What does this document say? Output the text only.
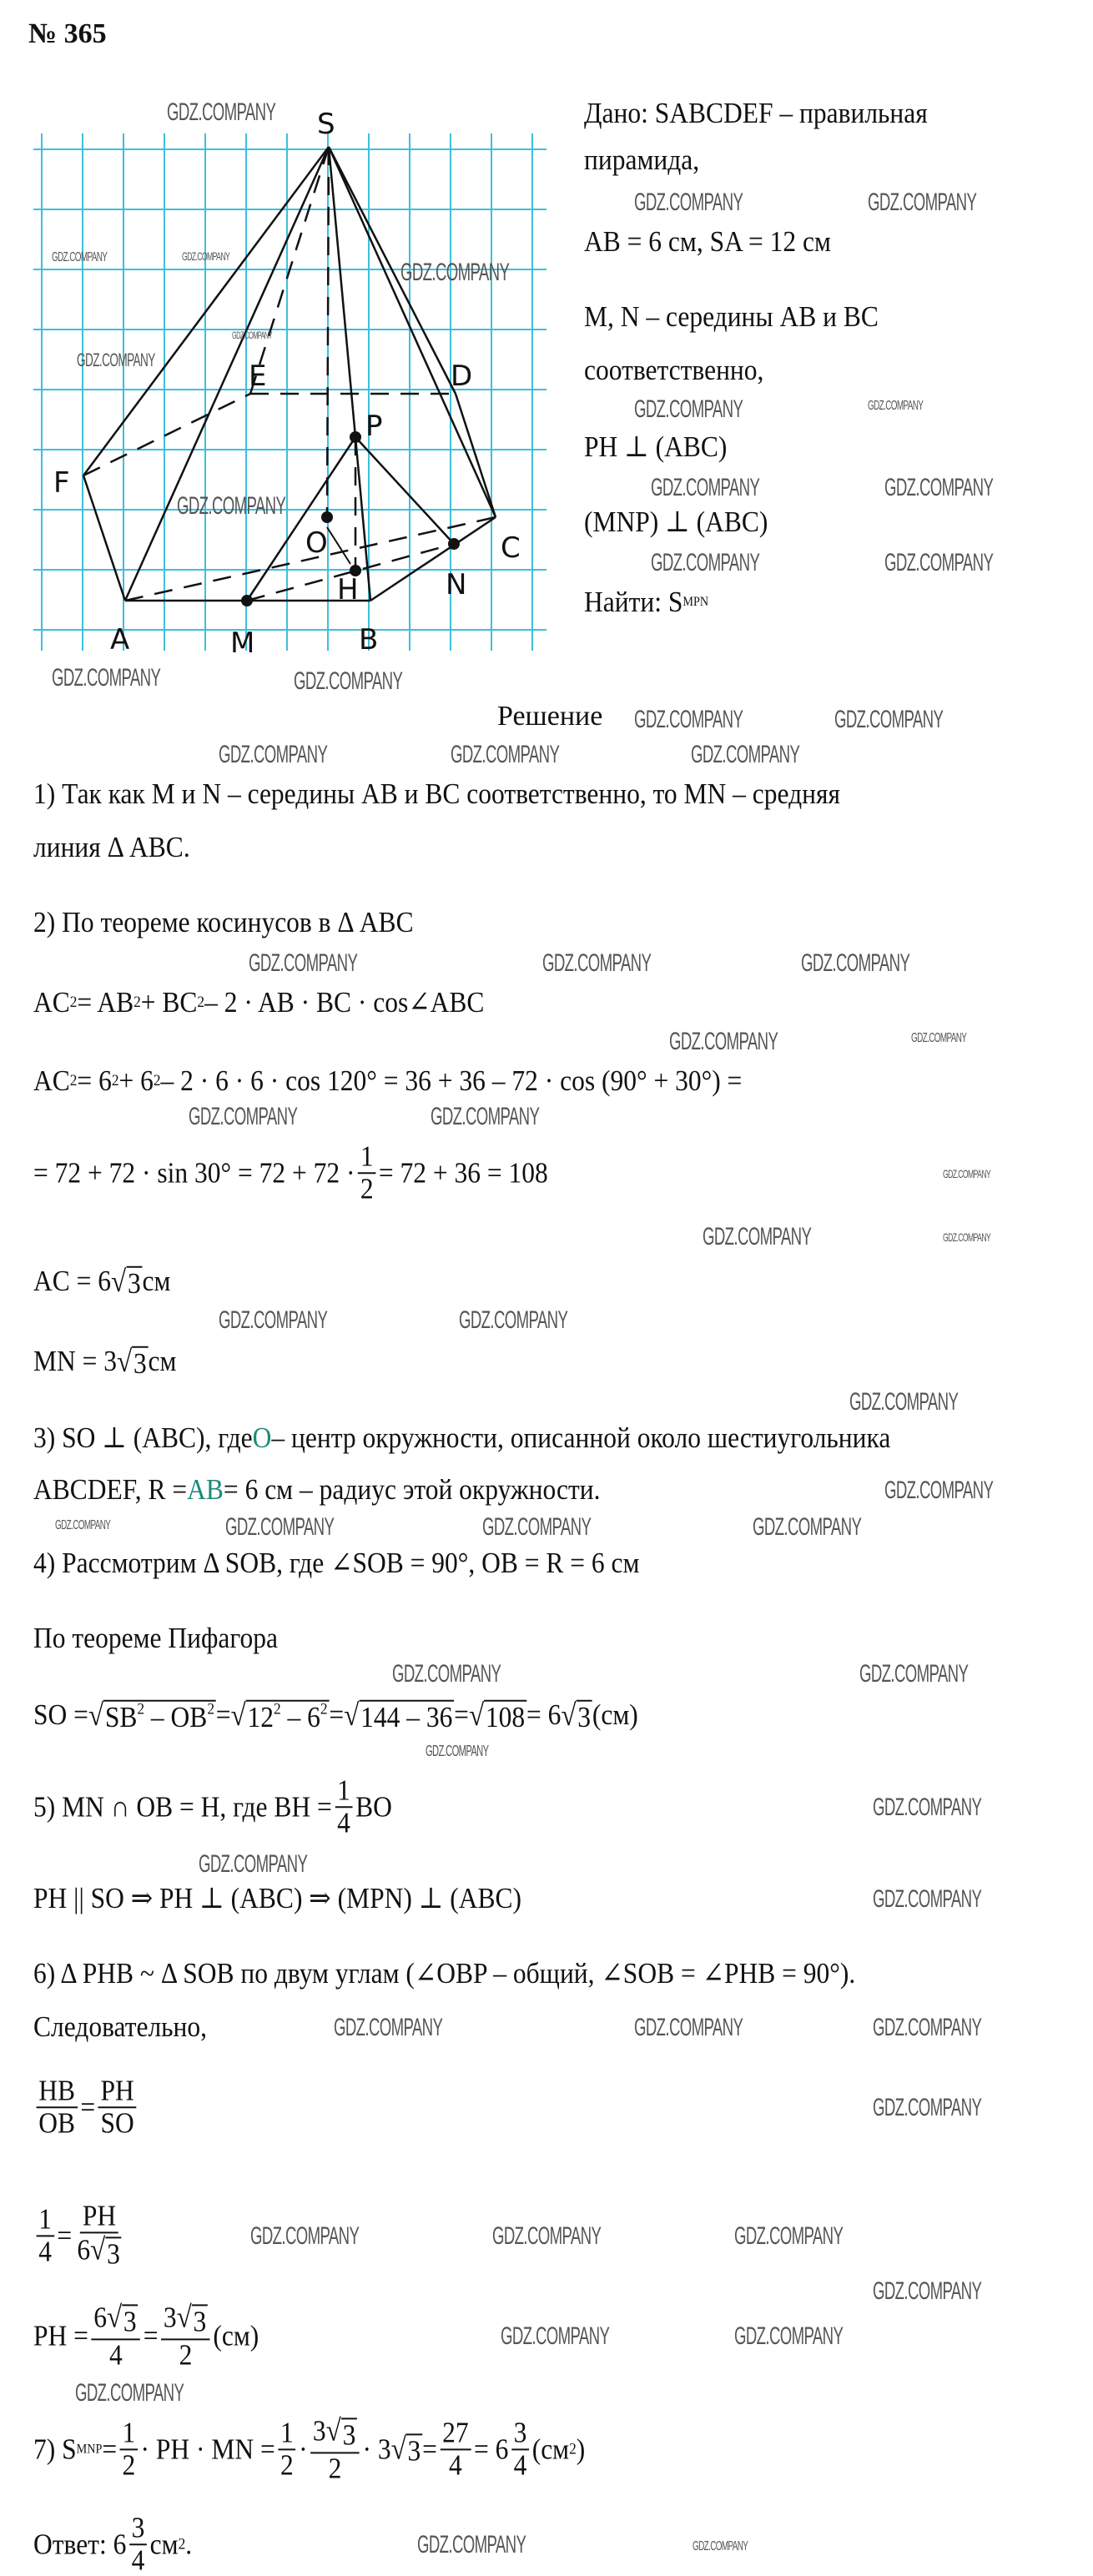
№ 365
S
A	B
C
D
E
F
M
N
P
O
H
Дано: SABCDEF – правильная
пирамида,
AB = 6 см, SA = 12 см
M, N – середины AB и BC
соответственно,
PH ⊥ (ABC)
(MNP) ⊥ (ABC)
Найти: S MPN
Решение
1) Так как M и N – середины AB и BC соответственно, то MN – средняя
линия Δ ABC.
2) По теореме косинусов в Δ ABC
AC 2 = AB 2 + BC 2 – 2 · AB · BC · cos∠ABC
AC 2 = 6 2 + 6 2 – 2 · 6 · 6 · cos 120° = 36 + 36 – 72 · cos (90° + 30°) =
= $72 + 72 \cdot \sin 30^\circ = 72 + 72 \cdot \frac{1}{2} = 72 + 36 = 108$
AC = 6 √ 3 см
MN = 3 √ 3 см
3) SO ⊥ (ABC), где O – центр окружности, описанной около шестиугольника
ABCDEF, R = AB = 6 см – радиус этой окружности.
4) Рассмотрим Δ SOB, где ∠SOB = 90°, OB = R = 6 см
По теореме Пифагора
SO = √ $SB^2 - OB^2$ = √ $12^2 - 6^2$ = √ 144 – 36 = √ 108 = 6 √ 3 (см)
5) MN ∩ OB = H, где BH = $\frac{1}{4}$ BO
PH || SO ⇒ PH ⊥ (ABC) ⇒ (MPN) ⊥ (ABC)
6) Δ PHB ~ Δ SOB по двум углам (∠OBP – общий, ∠SOB = ∠PHB = 90°).
Следовательно,
$\frac{HB}{OB} = \frac{PH}{SO}$
$\frac{1}{4} = \frac{PH}{6 √ 3}$
PH = $\frac{6 √ 3}{4} = \frac{3 √ 3}{2} (см)$
7) S MNP = $\frac{1}{2}$ · PH · MN = $\frac{1}{2} \cdot \frac{3 √ 3}{2} \cdot 3$ √ $3 = \frac{27}{4} = 6 \frac{3}{4} (см$ 2 )
Ответ: $6 \frac{3}{4}$ см 2 .
GDZ.COMPANY
GDZ.COMPANY	GDZ.COMPANY
GDZ.COMPANY
GDZ.COMPANY
GDZ.COMPANY
GDZ.COMPANY
GDZ.COMPANY	GDZ.COMPANY
GDZ.COMPANY	GDZ.COMPANY
GDZ.COMPANY	GDZ.COMPANY
GDZ.COMPANY	GDZ.COMPANY
GDZ.COMPANY	GDZ.COMPANY
GDZ.COMPANY	GDZ.COMPANY
GDZ.COMPANY	GDZ.COMPANY	GDZ.COMPANY
GDZ.COMPANY	GDZ.COMPANY	GDZ.COMPANY
GDZ.COMPANY	GDZ.COMPANY
GDZ.COMPANY	GDZ.COMPANY
GDZ.COMPANY
GDZ.COMPANY	GDZ.COMPANY
GDZ.COMPANY	GDZ.COMPANY
GDZ.COMPANY
GDZ.COMPANY
GDZ.COMPANY	GDZ.COMPANY	GDZ.COMPANY	GDZ.COMPANY
GDZ.COMPANY	GDZ.COMPANY
GDZ.COMPANY
GDZ.COMPANY
GDZ.COMPANY
GDZ.COMPANY
GDZ.COMPANY	GDZ.COMPANY	GDZ.COMPANY
GDZ.COMPANY
GDZ.COMPANY	GDZ.COMPANY	GDZ.COMPANY
GDZ.COMPANY	GDZ.COMPANY
GDZ.COMPANY
GDZ.COMPANY
GDZ.COMPANY	GDZ.COMPANY
